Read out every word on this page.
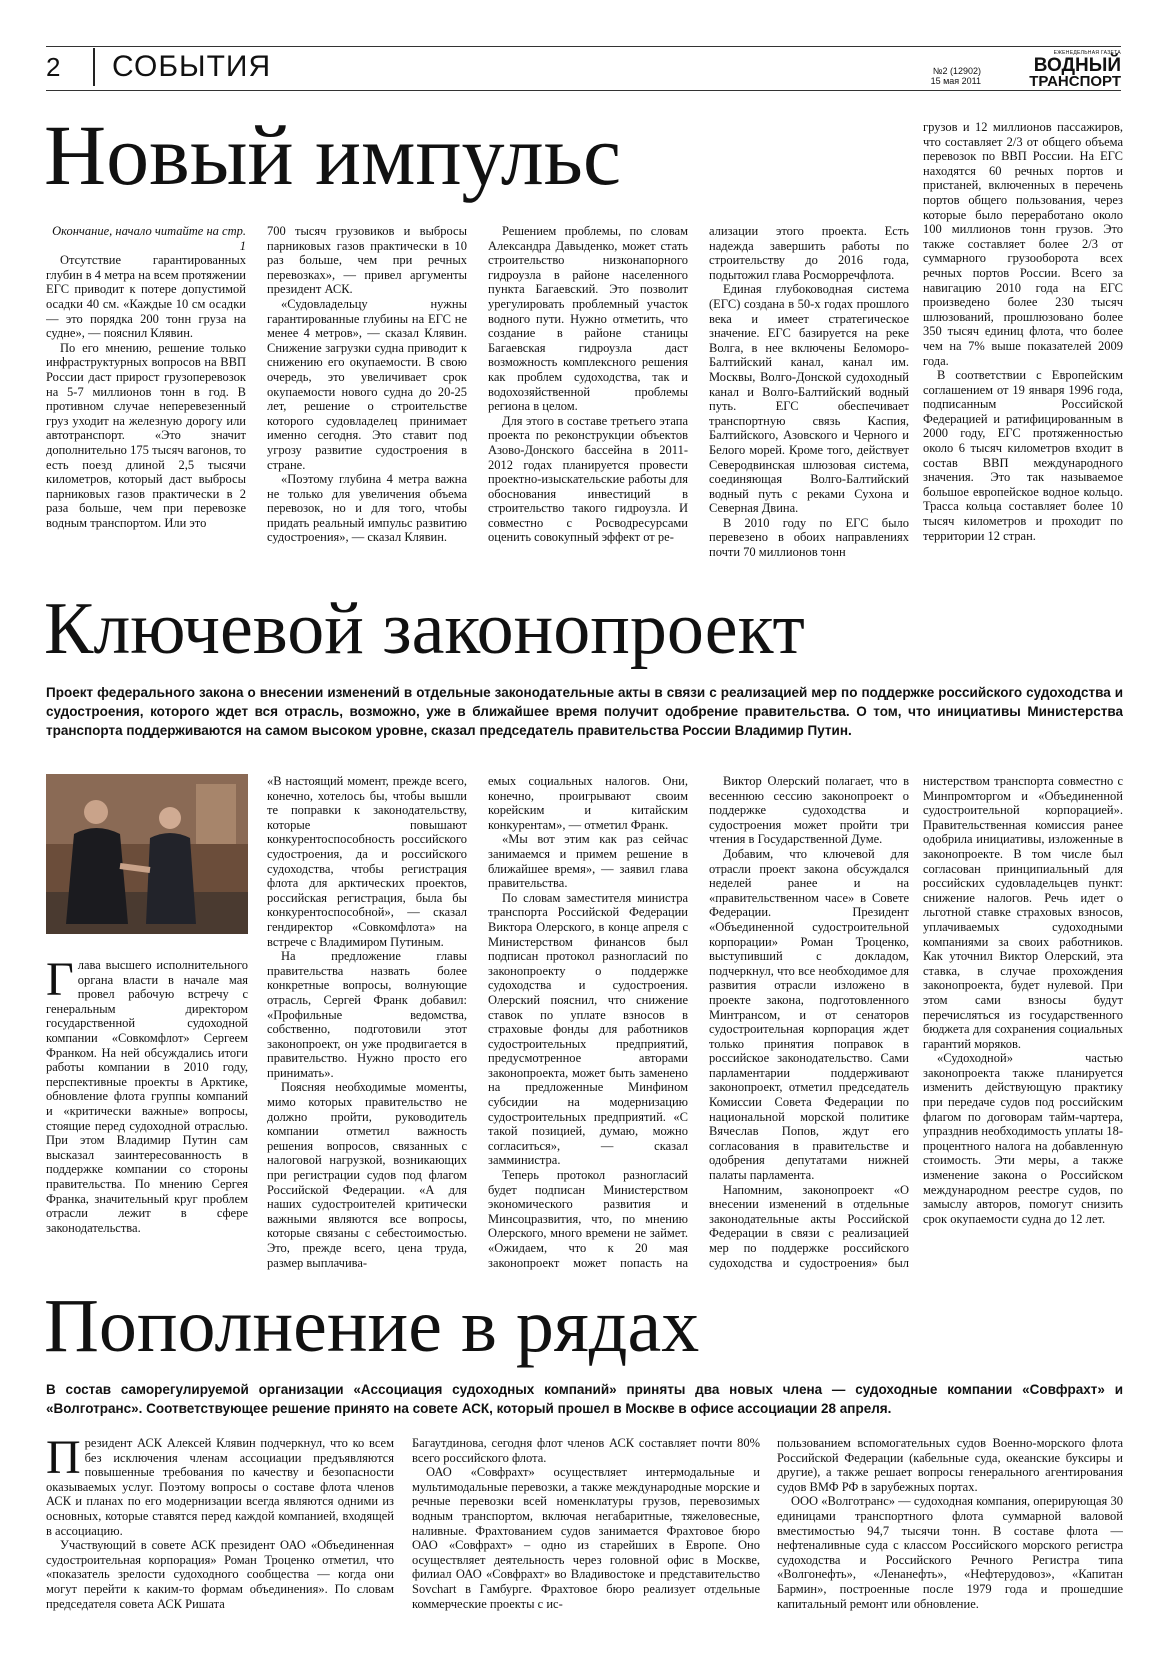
2 СОБЫТИЯ	№2 (12902)
15 мая 2011
ЕЖЕНЕДЕЛЬНАЯ ГАЗЕТА
ВОДНЫЙ
ТРАНСПОРТ
Новый импульс

Окончание, начало читайте на стр. 1

Отсутствие гарантированных глубин в 4 метра на всем протяжении ЕГС приводит к потере допустимой осадки 40 см. «Каждые 10 см осадки — это порядка 200 тонн груза на судне», — пояснил Клявин.

По его мнению, решение только инфраструктурных вопросов на ВВП России даст прирост грузоперевозок на 5-7 миллионов тонн в год. В противном случае неперевезенный груз уходит на железную дорогу или автотранспорт. «Это значит дополнительно 175 тысяч вагонов, то есть поезд длиной 2,5 тысячи километров, который даст выбросы парниковых газов практически в 2 раза больше, чем при перевозке водным транспортом. Или это

700 тысяч грузовиков и выбросы парниковых газов практически в 10 раз больше, чем при речных перевозках», — привел аргументы президент АСК.

«Судовладельцу нужны гарантированные глубины на ЕГС не менее 4 метров», — сказал Клявин. Снижение загрузки судна приводит к снижению его окупаемости. В свою очередь, это увеличивает срок окупаемости нового судна до 20-25 лет, решение о строительстве которого судовладелец принимает именно сегодня. Это ставит под угрозу развитие судостроения в стране.

«Поэтому глубина 4 метра важна не только для увеличения объема перевозок, но и для того, чтобы придать реальный импульс развитию судостроения», — сказал Клявин.

Решением проблемы, по словам Александра Давыденко, может стать строительство низконапорного гидроузла в районе населенного пункта Багаевский. Это позволит урегулировать проблемный участок водного пути. Нужно отметить, что создание в районе станицы Багаевская гидроузла даст возможность комплексного решения как проблем судоходства, так и водохозяйственной проблемы региона в целом.

Для этого в составе третьего этапа проекта по реконструкции объектов Азово-Донского бассейна в 2011-2012 годах планируется провести проектно-изыскательские работы для обоснования инвестиций в строительство такого гидроузла. И совместно с Росводресурсами оценить совокупный эффект от ре-

ализации этого проекта. Есть надежда завершить работы по строительству до 2016 года, подытожил глава Росморречфлота.

Единая глубоководная система (ЕГС) создана в 50-х годах прошлого века и имеет стратегическое значение. ЕГС базируется на реке Волга, в нее включены Беломоро-Балтийский канал, канал им. Москвы, Волго-Донской судоходный канал и Волго-Балтийский водный путь. ЕГС обеспечивает транспортную связь Каспия, Балтийского, Азовского и Черного и Белого морей. Кроме того, действует Северодвинская шлюзовая система, соединяющая Волго-Балтийский водный путь с реками Сухона и Северная Двина.

В 2010 году по ЕГС было перевезено в обоих направлениях почти 70 миллионов тонн

грузов и 12 миллионов пассажиров, что составляет 2/3 от общего объема перевозок по ВВП России. На ЕГС находятся 60 речных портов и пристаней, включенных в перечень портов общего пользования, через которые было переработано около 100 миллионов тонн грузов. Это также составляет более 2/3 от суммарного грузооборота всех речных портов России. Всего за навигацию 2010 года на ЕГС произведено более 230 тысяч шлюзований, прошлюзовано более 350 тысяч единиц флота, что более чем на 7% выше показателей 2009 года.

В соответствии с Европейским соглашением от 19 января 1996 года, подписанным Российской Федерацией и ратифицированным в 2000 году, ЕГС протяженностью около 6 тысяч километров входит в состав ВВП международного значения. Это так называемое большое европейское водное кольцо. Трасса кольца составляет более 10 тысяч километров и проходит по территории 12 стран.

Ключевой законопроект
Проект федерального закона о внесении изменений в отдельные законодательные акты в связи с реализацией мер по поддержке российского судоходства и судостроения, которого ждет вся отрасль, возможно, уже в ближайшее время получит одобрение правительства. О том, что инициативы Министерства транспорта поддерживаются на самом высоком уровне, сказал председатель правительства России Владимир Путин.
Г лава высшего исполнительного органа власти в начале мая провел рабочую встречу с генеральным директором государственной судоходной компании «Совкомфлот» Сергеем Франком. На ней обсуждались итоги работы компании в 2010 году, перспективные проекты в Арктике, обновление флота группы компаний и «критически важные» вопросы, стоящие перед судоходной отраслью. При этом Владимир Путин сам высказал заинтересованность в поддержке компании со стороны правительства. По мнению Сергея Франка, значительный круг проблем отрасли лежит в сфере законодательства.

«В настоящий момент, прежде всего, конечно, хотелось бы, чтобы вышли те поправки к законодательству, которые повышают конкурентоспособность российского судостроения, да и российского судоходства, чтобы регистрация флота для арктических проектов, российская регистрация, была бы конкурентоспособной», — сказал гендиректор «Совкомфлота» на встрече с Владимиром Путиным.

На предложение главы правительства назвать более конкретные вопросы, волнующие отрасль, Сергей Франк добавил: «Профильные ведомства, собственно, подготовили этот законопроект, он уже продвигается в правительство. Нужно просто его принимать».

Поясняя необходимые моменты, мимо которых правительство не должно пройти, руководитель компании отметил важность решения вопросов, связанных с налоговой нагрузкой, возникающих при регистрации судов под флагом Российской Федерации. «А для наших судостроителей критически важными являются все вопросы, которые связаны с себестоимостью. Это, прежде всего, цена труда, размер выплачива-

емых социальных налогов. Они, конечно, проигрывают своим корейским и китайским конкурентам», — отметил Франк.

«Мы вот этим как раз сейчас занимаемся и примем решение в ближайшее время», — заявил глава правительства.

По словам заместителя министра транспорта Российской Федерации Виктора Олерского, в конце апреля с Министерством финансов был подписан протокол разногласий по законопроекту о поддержке судоходства и судостроения. Олерский пояснил, что снижение ставок по уплате взносов в страховые фонды для работников судостроительных предприятий, предусмотренное авторами законопроекта, может быть заменено на предложенные Минфином субсидии на модернизацию судостроительных предприятий. «С такой позицией, думаю, можно согласиться», — сказал замминистра.

Теперь протокол разногласий будет подписан Министерством экономического развития и Минсоцразвития, что, по мнению Олерского, много времени не займет. «Ожидаем, что к 20 мая законопроект может попасть на

Виктор Олерский полагает, что в весеннюю сессию законопроект о поддержке судоходства и судостроения может пройти три чтения в Государственной Думе.

Добавим, что ключевой для отрасли проект закона обсуждался неделей ранее и на «правительственном часе» в Совете Федерации. Президент «Объединенной судостроительной корпорации» Роман Троценко, выступивший с докладом, подчеркнул, что все необходимое для развития отрасли изложено в проекте закона, подготовленного Минтрансом, и от сенаторов судостроительная корпорация ждет только принятия поправок в российское законодательство. Сами парламентарии поддерживают законопроект, отметил председатель Комиссии Совета Федерации по национальной морской политике Вячеслав Попов, ждут его согласования в правительстве и одобрения депутатами нижней палаты парламента.

Напомним, законопроект «О внесении изменений в отдельные законодательные акты Российской Федерации в связи с реализацией мер по поддержке российского судоходства и судостроения» был

нистерством транспорта совместно с Минпромторгом и «Объединенной судостроительной корпорацией». Правительственная комиссия ранее одобрила инициативы, изложенные в законопроекте. В том числе был согласован принципиальный для российских судовладельцев пункт: снижение налогов. Речь идет о льготной ставке страховых взносов, уплачиваемых судоходными компаниями за своих работников. Как уточнил Виктор Олерский, эта ставка, в случае прохождения законопроекта, будет нулевой. При этом сами взносы будут перечисляться из государственного бюджета для сохранения социальных гарантий моряков.

«Судоходной» частью законопроекта также планируется изменить действующую практику при передаче судов под российским флагом по договорам тайм-чартера, упразднив необходимость уплаты 18-процентного налога на добавленную стоимость. Эти меры, а также изменение закона о Российском международном реестре судов, по замыслу авторов, помогут снизить срок окупаемости судна до 12 лет.

Пополнение в рядах
В состав саморегулируемой организации «Ассоциация судоходных компаний» приняты два новых члена — судоходные компании «Совфрахт» и «Волготранс». Соответствующее решение принято на совете АСК, который прошел в Москве в офисе ассоциации 28 апреля.
П резидент АСК Алексей Клявин подчеркнул, что ко всем без исключения членам ассоциации предъявляются повышенные требования по качеству и безопасности оказываемых услуг. Поэтому вопросы о составе флота членов АСК и планах по его модернизации всегда являются одними из основных, которые ставятся перед каждой компанией, входящей в ассоциацию.

Участвующий в совете АСК президент ОАО «Объединенная судостроительная корпорация» Роман Троценко отметил, что «показатель зрелости судоходного сообщества — когда они могут перейти к каким-то формам объединения». По словам председателя совета АСК Ришата

Багаутдинова, сегодня флот членов АСК составляет почти 80% всего российского флота.

ОАО «Совфрахт» осуществляет интермодальные и мультимодальные перевозки, а также международные морские и речные перевозки всей номенклатуры грузов, перевозимых водным транспортом, включая негабаритные, тяжеловесные, наливные. Фрахтованием судов занимается Фрахтовое бюро ОАО «Совфрахт» – одно из старейших в Европе. Оно осуществляет деятельность через головной офис в Москве, филиал ОАО «Совфрахт» во Владивостоке и представительство Sovchart в Гамбурге. Фрахтовое бюро реализует отдельные коммерческие проекты с ис-

пользованием вспомогательных судов Военно-морского флота Российской Федерации (кабельные суда, океанские буксиры и другие), а также решает вопросы генерального агентирования судов ВМФ РФ в зарубежных портах.

ООО «Волготранс» — судоходная компания, оперирующая 30 единицами транспортного флота суммарной валовой вместимостью 94,7 тысячи тонн. В составе флота — нефтеналивные суда с классом Российского морского регистра судоходства и Российского Речного Регистра типа «Волгонефть», «Ленанефть», «Нефтерудовоз», «Капитан Бармин», построенные после 1979 года и прошедшие капитальный ремонт или обновление.
